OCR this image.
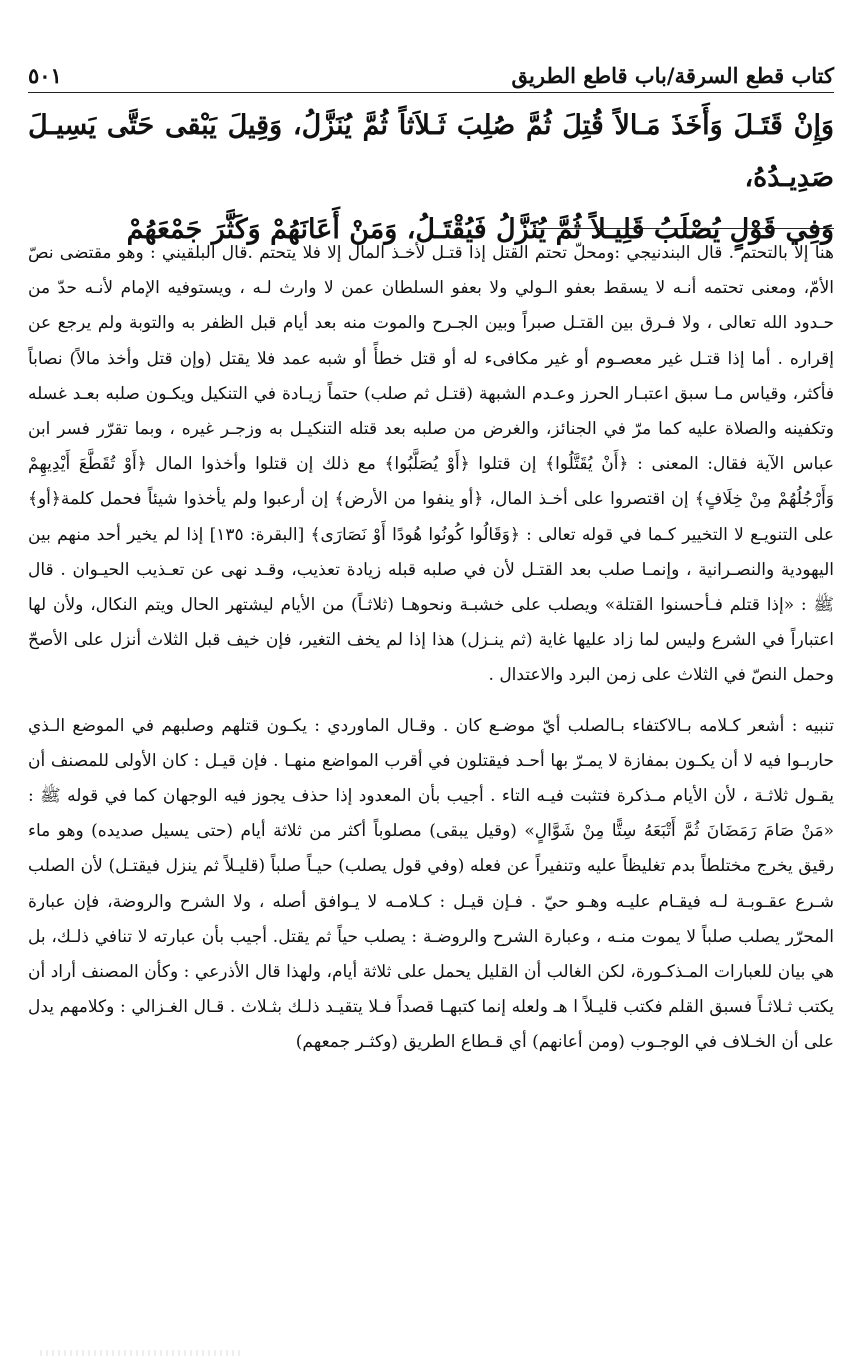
كتاب قطع السرقة/باب قاطع الطريق
٥٠١

وَإِنْ قَتَـلَ وَأَخَذَ مَـالاً قُتِلَ ثُمَّ صُلِبَ ثَـلاَثاً ثُمَّ يُنَزَّلُ، وَقِيلَ يَبْقى حَتَّى يَسِيـلَ صَدِيـدُهُ،

وَفِي قَوْلٍ يُصْلَبُ قَلِيـلاً ثُمَّ يُنَزَّلُ فَيُقْتَـلُ، وَمَنْ أَعَانَهُمْ وَكَثَّرَ جَمْعَهُمْ

هنا إلا بالتحتم . قال البندنيجي :ومحلّ تحتم القتل إذا قتـل لأخـذ المال إلا فلا يتحتم .قال البلقيني : وهو مقتضى نصّ الأمّ، ومعنى تحتمه أنـه لا يسقط بعفو الـولي ولا بعفو السلطان عمن لا وارث لـه ، ويستوفيه الإمام لأنـه حدّ من حـدود الله تعالى ، ولا فـرق بين القتـل صبراً وبين الجـرح والموت منه بعد أيام قبل الظفر به والتوبة ولم يرجع عن إقراره . أما إذا قتـل غير معصـوم أو غير مكافىء له أو قتل خطأً أو شبه عمد فلا يقتل (وإن قتل وأخذ مالاً) نصاباً فأكثر، وقياس مـا سبق اعتبـار الحرز وعـدم الشبهة (قتـل ثم صلب) حتماً زيـادة في التنكيل ويكـون صلبه بعـد غسله وتكفينه والصلاة عليه كما مرّ في الجنائز، والغرض من صلبه بعد قتله التنكيـل به وزجـر غيره ، وبما تقرّر فسر ابن عباس الآية فقال: المعنى : ﴿أَنْ يُقَتَّلُوا﴾ إن قتلوا ﴿أَوْ يُصَلَّبُوا﴾ مع ذلك إن قتلوا وأخذوا المال ﴿أَوْ تُقَطَّعَ أَيْدِيهِمْ وَأَرْجُلُهُمْ مِنْ خِلَافٍ﴾ إن اقتصروا على أخـذ المال، ﴿أو ينفوا من الأرض﴾ إن أرعبوا ولم يأخذوا شيئاً فحمل كلمة﴿أو﴾على التنويـع لا التخيير كـما في قوله تعالى : ﴿وَقَالُوا كُونُوا هُودًا أَوْ نَصَارَى﴾ [البقرة: ١٣٥] إذا لم يخير أحد منهم بين اليهودية والنصـرانية ، وإنمـا صلب بعد القتـل لأن في صلبه قبله زيادة تعذيب، وقـد نهى عن تعـذيب الحيـوان . قال ﷺ : «إذا قتلم فـأحسنوا القتلة» ويصلب على خشبـة ونحوهـا (ثلاثـاً) من الأيام ليشتهر الحال ويتم النكال، ولأن لها اعتباراً في الشرع وليس لما زاد عليها غاية (ثم ينـزل) هذا إذا لم يخف التغير، فإن خيف قبل الثلاث أنزل على الأصحّ وحمل النصّ في الثلاث على زمن البرد والاعتدال .

تنبيه : أشعر كـلامه بـالاكتفاء بـالصلب أيّ موضـع كان . وقـال الماوردي : يكـون قتلهم وصلبهم في الموضع الـذي حاربـوا فيه لا أن يكـون بمفازة لا يمـرّ بها أحـد فيقتلون في أقرب المواضع منهـا . فإن قيـل : كان الأولى للمصنف أن يقـول ثلاثـة ، لأن الأيام مـذكرة فتثبت فيـه التاء . أجيب بأن المعدود إذا حذف يجوز فيه الوجهان كما في قوله ﷺ : «مَنْ صَامَ رَمَضَانَ ثُمَّ أَتْبَعَهُ سِتًّا مِنْ شَوَّالٍ» (وقيل يبقى) مصلوباً أكثر من ثلاثة أيام (حتى يسيل صديده) وهو ماء رقيق يخرج مختلطاً بدم تغليظاً عليه وتنفيراً عن فعله (وفي قول يصلب) حيـاً صلباً (قليـلاً ثم ينزل فيقتـل) لأن الصلب شـرع عقـوبـة لـه فيقـام عليـه وهـو حيّ . فـإن قيـل : كـلامـه لا يـوافق أصله ، ولا الشرح والروضة، فإن عبارة المحرّر يصلب صلباً لا يموت منـه ، وعبارة الشرح والروضـة : يصلب حياً ثم يقتل. أجيب بأن عبارته لا تنافي ذلـك، بل هي بيان للعبارات المـذكـورة، لكن الغالب أن القليل يحمل على ثلاثة أيام، ولهذا قال الأذرعي : وكأن المصنف أراد أن يكتب ثـلاثـاً فسبق القلم فكتب قليـلاً ا هـ ولعله إنما كتبهـا قصداً فـلا يتقيـد ذلـك بثـلاث . قـال الغـزالي : وكلامهم يدل على أن الخـلاف في الوجـوب (ومن أعانهم) أي قـطاع الطريق (وكثـر جمعهم)
